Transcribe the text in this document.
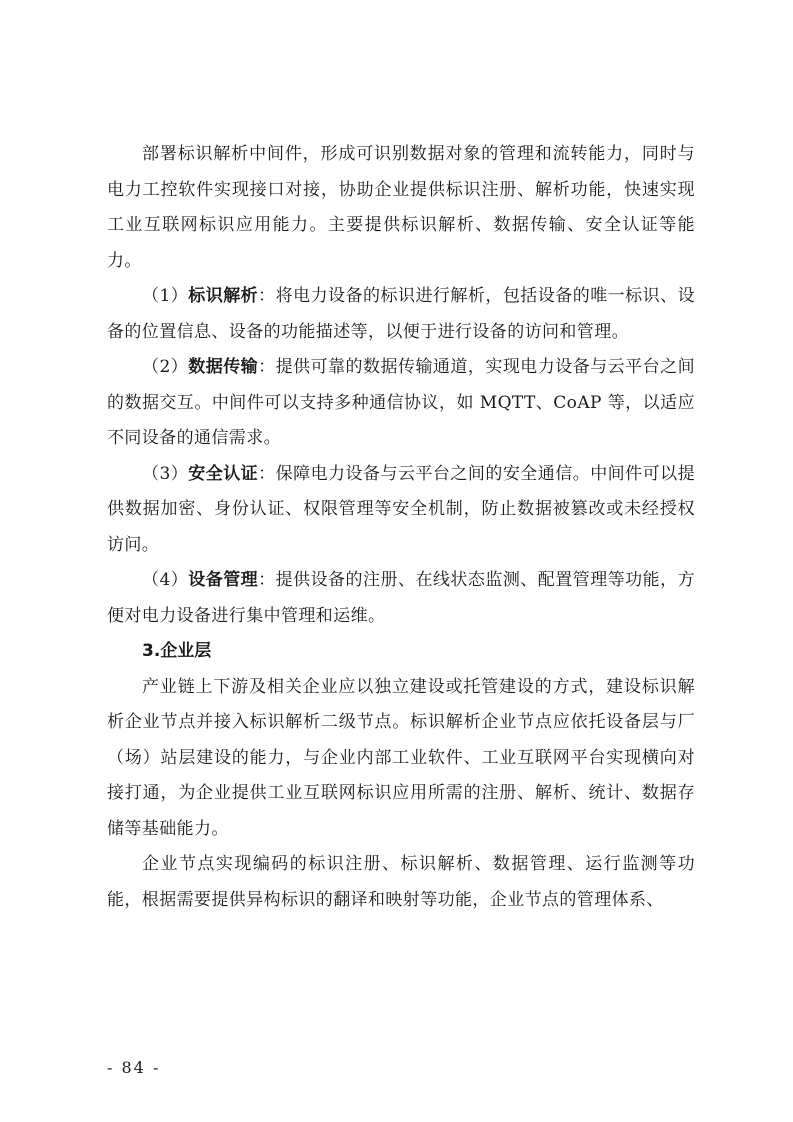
部署标识解析中间件，形成可识别数据对象的管理和流转能力，同时与电力工控软件实现接口对接，协助企业提供标识注册、解析功能，快速实现工业互联网标识应用能力。主要提供标识解析、数据传输、安全认证等能力。

（1）标识解析：将电力设备的标识进行解析，包括设备的唯一标识、设备的位置信息、设备的功能描述等，以便于进行设备的访问和管理。

（2）数据传输：提供可靠的数据传输通道，实现电力设备与云平台之间的数据交互。中间件可以支持多种通信协议，如 MQTT、CoAP 等，以适应不同设备的通信需求。

（3）安全认证：保障电力设备与云平台之间的安全通信。中间件可以提供数据加密、身份认证、权限管理等安全机制，防止数据被篡改或未经授权访问。

（4）设备管理：提供设备的注册、在线状态监测、配置管理等功能，方便对电力设备进行集中管理和运维。

3.企业层

产业链上下游及相关企业应以独立建设或托管建设的方式，建设标识解析企业节点并接入标识解析二级节点。标识解析企业节点应依托设备层与厂（场）站层建设的能力，与企业内部工业软件、工业互联网平台实现横向对接打通，为企业提供工业互联网标识应用所需的注册、解析、统计、数据存储等基础能力。

企业节点实现编码的标识注册、标识解析、数据管理、运行监测等功能，根据需要提供异构标识的翻译和映射等功能，企业节点的管理体系、

- 84 -
